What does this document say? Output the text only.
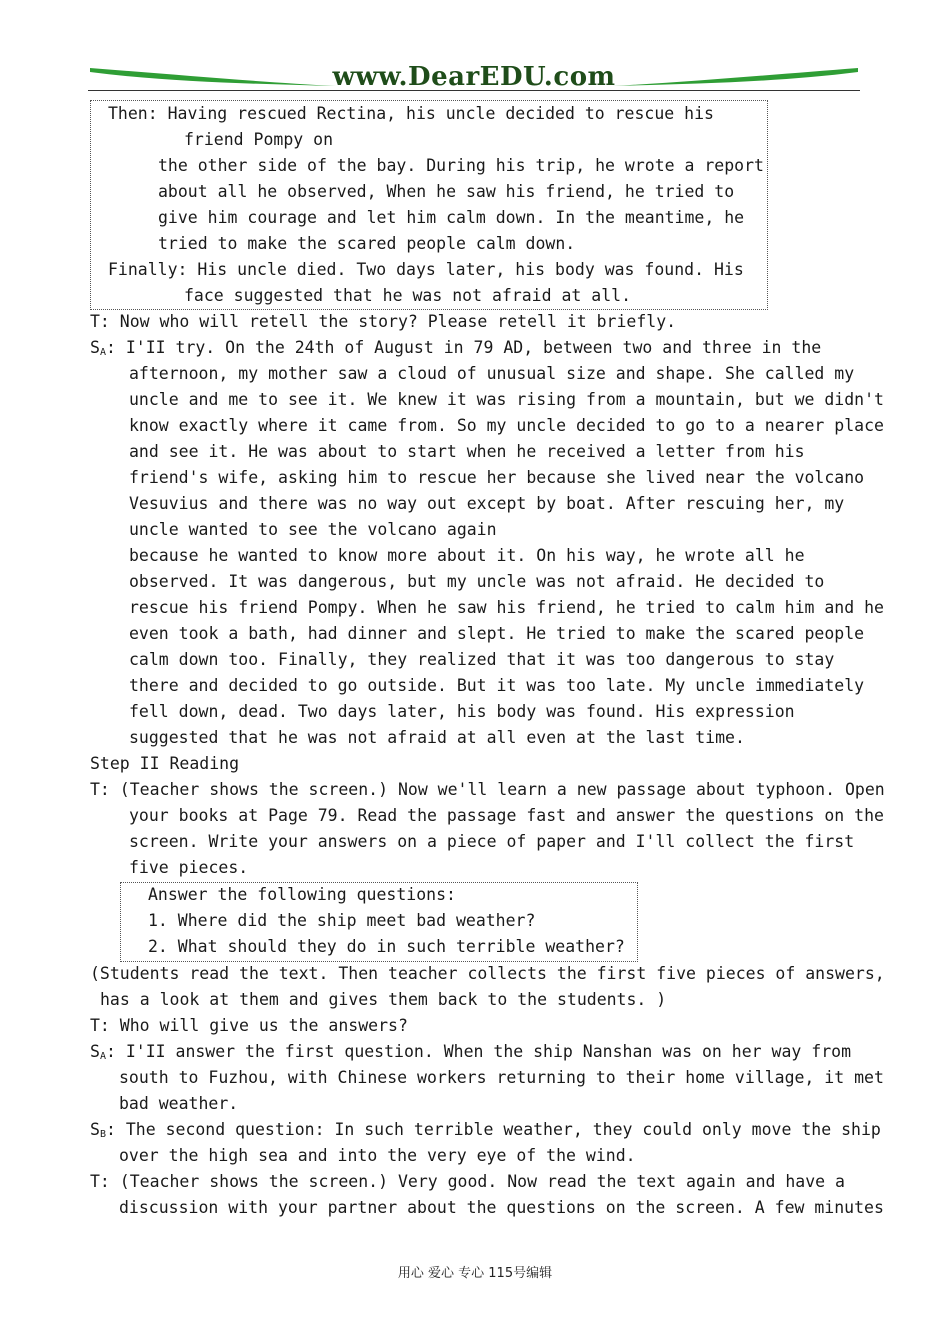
www.DearEDU.com
Then: Having rescued Rectina, his uncle decided to rescue his
friend Pompy on
the other side of the bay. During his trip, he wrote a report
about all he observed, When he saw his friend, he tried to
give him courage and let him calm down. In the meantime, he
tried to make the scared people calm down.
Finally: His uncle died. Two days later, his body was found. His
face suggested that he was not afraid at all.
T: Now who will retell the story? Please retell it briefly.
$S_A$: I'II try. On the 24th of August in 79 AD, between two and three in the
afternoon, my mother saw a cloud of unusual size and shape. She called my
uncle and me to see it. We knew it was rising from a mountain, but we didn't
know exactly where it came from. So my uncle decided to go to a nearer place
and see it. He was about to start when he received a letter from his
friend's wife, asking him to rescue her because she lived near the volcano
Vesuvius and there was no way out except by boat. After rescuing her, my
uncle wanted to see the volcano again
because he wanted to know more about it. On his way, he wrote all he
observed. It was dangerous, but my uncle was not afraid. He decided to
rescue his friend Pompy. When he saw his friend, he tried to calm him and he
even took a bath, had dinner and slept. He tried to make the scared people
calm down too. Finally, they realized that it was too dangerous to stay
there and decided to go outside. But it was too late. My uncle immediately
fell down, dead. Two days later, his body was found. His expression
suggested that he was not afraid at all even at the last time.
Step II Reading
T: (Teacher shows the screen.) Now we'll learn a new passage about typhoon. Open
your books at Page 79. Read the passage fast and answer the questions on the
screen. Write your answers on a piece of paper and I'll collect the first
five pieces.
Answer the following questions:
1. Where did the ship meet bad weather?
2. What should they do in such terrible weather?
(Students read the text. Then teacher collects the first five pieces of answers,
has a look at them and gives them back to the students. )
T: Who will give us the answers?
$S_A$: I'II answer the first question. When the ship Nanshan was on her way from
south to Fuzhou, with Chinese workers returning to their home village, it met
bad weather.
$S_B$: The second question: In such terrible weather, they could only move the ship
over the high sea and into the very eye of the wind.
T: (Teacher shows the screen.) Very good. Now read the text again and have a
discussion with your partner about the questions on the screen. A few minutes
用心 爱心 专心 115号编辑
